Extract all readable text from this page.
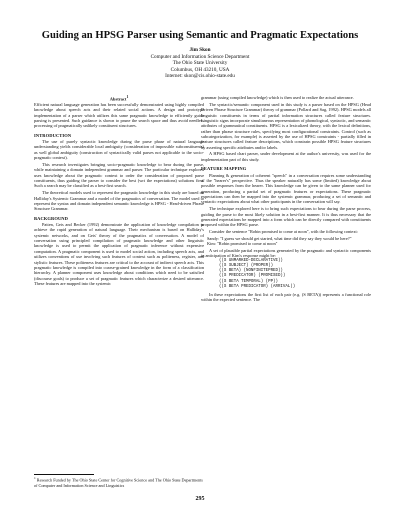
Guiding an HPSG Parser using Semantic and Pragmatic Expectations
Jim Skon
Computer and Information Science Department
The Ohio State University
Columbus, OH 43210, USA
Internet: skon@cis.ohio-state.edu
Abstract$^1$

Efficient natural language generation has been successfully demonstrated using highly compiled knowledge about speech acts and their related social actions. A design and prototype implementation of a parser which utilizes this same pragmatic knowledge to efficiently guide parsing is presented. Such guidance is shown to prune the search space and thus avoid needless processing of pragmatically unlikely constituent structures.

INTRODUCTION

The use of purely syntactic knowledge during the parse phase of natural language understanding yields considerable local ambiguity (consideration of impossible subconstituents) as well global ambiguity (construction of syntactically valid parses not applicable to the socio-pragmatic context).

This research investigates bringing socio-pragmatic knowledge to bear during the parse, while maintaining a domain independent grammar and parser. The particular technique explored uses knowledge about the pragmatic context to order the consideration of proposed parse constituents, thus guiding the parser to consider the best (wrt the expectations) solutions first. Such a search may be classified as a best-first search.

The theoretical models used to represent the pragmatic knowledge in this study are based on Halliday's Systemic Grammar and a model of the pragmatics of conversation. The model used to represent the syntax and domain independent semantic knowledge is HPSG - Head-driven Phrase Structure Grammar.

BACKGROUND

Patten, Geis and Becker (1992) demonstrate the application of knowledge compilation to achieve the rapid generation of natural language. Their mechanism is based on Halliday's systemic networks, and on Geis' theory of the pragmatics of conversation. A model of conversation using principled compilation of pragmatic knowledge and other linguistic knowledge is used to permit the application of pragmatic inference without expensive computation. A pragmatic component is used to model social action, including speech acts, and utilizes conventions of use involving such features of context such as politeness, register, and stylistic features. These politeness features are critical to the account of indirect speech acts. This pragmatic knowledge is compiled into coarse-grained knowledge in the form of a classification hierarchy. A planner component uses knowledge about conditions which need to be satisfied (discourse goals) to produce a set of pragmatic features which characterize a desired utterance. These features are mapped into the systemic

grammar (using compiled knowledge) which is then used to realize the actual utterance.

The syntactic/semantic component used in this study is a parser based on the HPSG (Head Driven Phrase Structure Grammar) theory of grammar (Pollard and Sag, 1992). HPSG models all linguistic constituents in terms of partial information structures called feature structures. Linguistic signs incorporate simultaneous representation of phonological, syntactic, and semantic attributes of grammatical constituents. HPSG is a lexicalized theory, with the lexical definitions, rather than phrase structure rules, specifying most configurational constraints. Control (such as subcategorization, for example) is asserted by the use of HPSG constraints - partially filled in feature structures called feature descriptions, which constrain possible HPSG feature structures by asserting specific attributes and/or labels.

A HPSG based chart parser, under development at the author's university, was used for the implementation part of this study.

FEATURE MAPPING

Planning & generation of coherent "speech" in a conversation requires some understanding of the "hearer's" perspective. Thus the speaker naturally has some (limited) knowledge about possible responses from the hearer. This knowledge can be given to the same planner used for generation, producing a partial set of pragmatic features or expectations. These pragmatic expectations can then be mapped into the systemic grammar, producing a set of semantic and syntactic expectations about what other participants in the conversation will say.

The technique explored here is to bring such expectations to bear during the parse process, guiding the parse to the most likely solution in a best-first manner. It is thus necessary that the generated expectations be mapped into a form which can be directly compared with constituents proposed within the HPSG parse.

Consider the sentence "Robin promised to come at noon", with the following context:

Sandy: "I guess we should get started, what time did they say they would be here?"

Kim: "Robin promised to come at noon"

A set of plausible partial expectations generated by the pragmatic and syntactic components in anticipation of Kim's response might be:

((S UNMARKED-DECLARATIVE))
((S SUBJECT) (PROPER))
((S BETA) (NONFINITEPRED))
((S PREDICATOR) (PROMISED))
((S BETA TEMPORAL) (PP))
((S BETA PREDICATOR) (ARRIVAL))

In these expectations the first list of each pair (e.g. (S BETA)) represents a functional role within the expected sentence. The

$^1$ Research Funded by The Ohio State Center for Cognitive Science and The Ohio State Departments of Computer and Information Science and Linguistics
295
